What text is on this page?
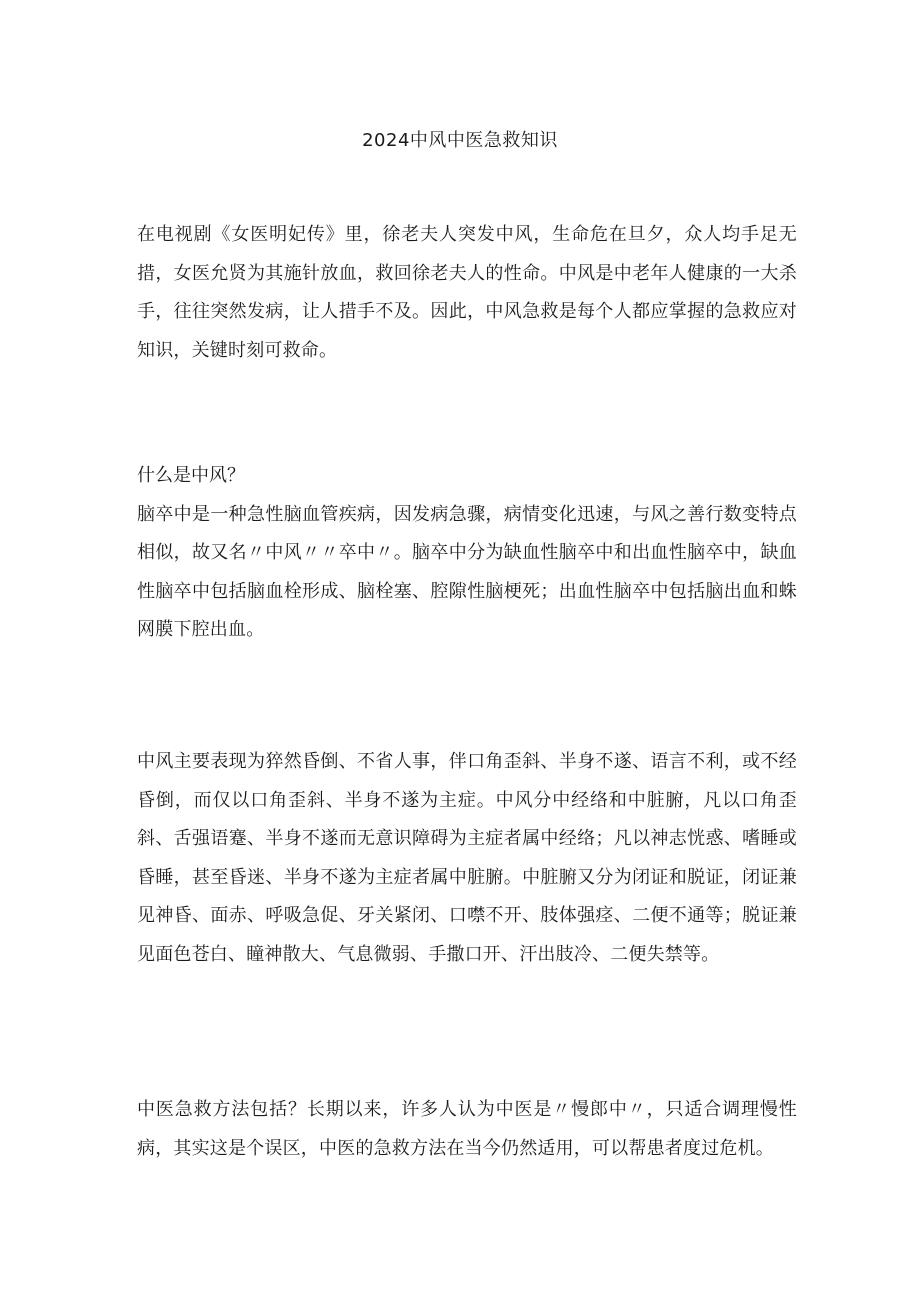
2024中风中医急救知识

在电视剧《女医明妃传》里，徐老夫人突发中风，生命危在旦夕，众人均手足无措，女医允贤为其施针放血，救回徐老夫人的性命。中风是中老年人健康的一大杀手，往往突然发病，让人措手不及。因此，中风急救是每个人都应掌握的急救应对知识，关键时刻可救命。

什么是中风？

脑卒中是一种急性脑血管疾病，因发病急骤，病情变化迅速，与风之善行数变特点相似，故又名〃中风〃〃卒中〃。脑卒中分为缺血性脑卒中和出血性脑卒中，缺血性脑卒中包括脑血栓形成、脑栓塞、腔隙性脑梗死；出血性脑卒中包括脑出血和蛛网膜下腔出血。

中风主要表现为猝然昏倒、不省人事，伴口角歪斜、半身不遂、语言不利，或不经昏倒，而仅以口角歪斜、半身不遂为主症。中风分中经络和中脏腑，凡以口角歪斜、舌强语蹇、半身不遂而无意识障碍为主症者属中经络；凡以神志恍惑、嗜睡或昏睡，甚至昏迷、半身不遂为主症者属中脏腑。中脏腑又分为闭证和脱证，闭证兼见神昏、面赤、呼吸急促、牙关紧闭、口噤不开、肢体强痉、二便不通等；脱证兼见面色苍白、瞳神散大、气息微弱、手撒口开、汗出肢冷、二便失禁等。

中医急救方法包括？长期以来，许多人认为中医是〃慢郎中〃，只适合调理慢性病，其实这是个误区，中医的急救方法在当今仍然适用，可以帮患者度过危机。
